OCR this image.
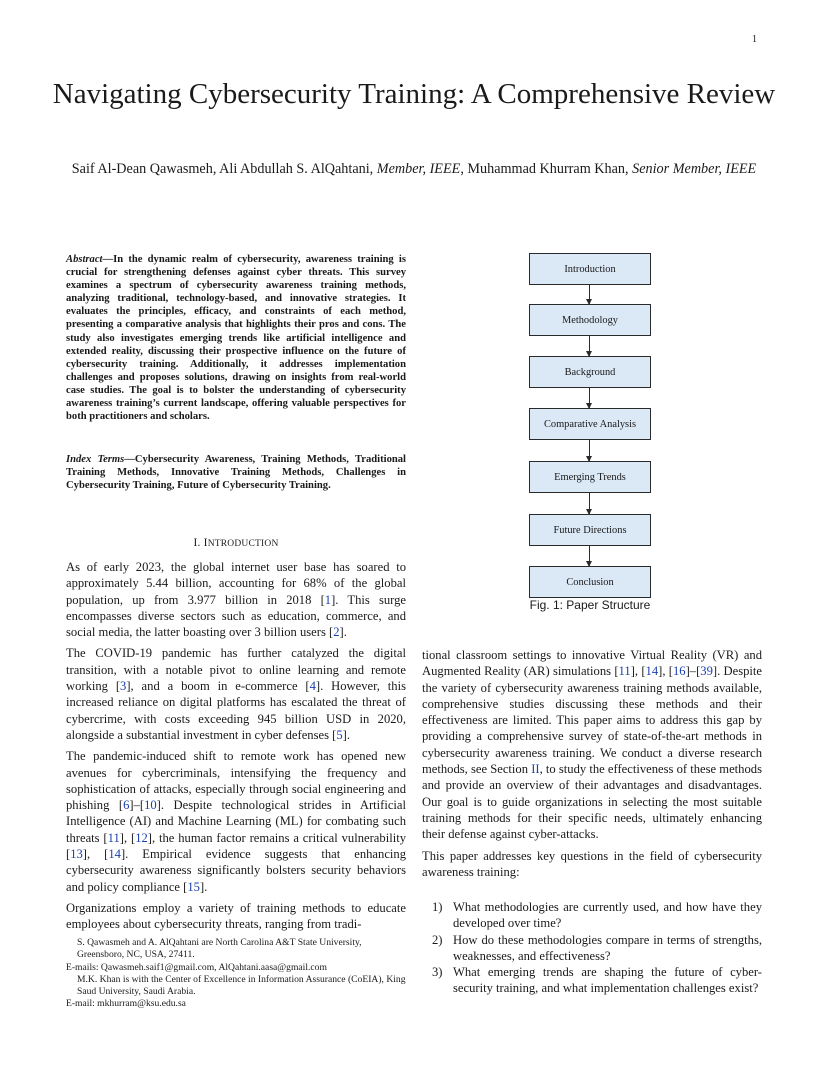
1
Navigating Cybersecurity Training: A Comprehensive Review
Saif Al-Dean Qawasmeh, Ali Abdullah S. AlQahtani, Member, IEEE, Muhammad Khurram Khan, Senior Member, IEEE
Abstract—In the dynamic realm of cybersecurity, awareness training is crucial for strengthening defenses against cyber threats. This survey examines a spectrum of cybersecurity awareness training methods, analyzing traditional, technology-based, and innovative strategies. It evaluates the principles, efficacy, and constraints of each method, presenting a comparative analysis that highlights their pros and cons. The study also investigates emerging trends like artificial intelligence and extended reality, discussing their prospective influence on the future of cybersecurity training. Additionally, it addresses implementation challenges and proposes solutions, drawing on insights from real-world case studies. The goal is to bolster the understanding of cybersecurity awareness training’s current landscape, offering valuable perspectives for both practitioners and scholars.
Index Terms—Cybersecurity Awareness, Training Methods, Traditional Training Methods, Innovative Training Methods, Challenges in Cybersecurity Training, Future of Cybersecurity Training.
I. INTRODUCTION

As of early 2023, the global internet user base has soared to approximately 5.44 billion, accounting for 68% of the global population, up from 3.977 billion in 2018 [1]. This surge encompasses diverse sectors such as education, commerce, and social media, the latter boasting over 3 billion users [2].

The COVID-19 pandemic has further catalyzed the digital transition, with a notable pivot to online learning and remote working [3], and a boom in e-commerce [4]. However, this increased reliance on digital platforms has escalated the threat of cybercrime, with costs exceeding 945 billion USD in 2020, alongside a substantial investment in cyber defenses [5].

The pandemic-induced shift to remote work has opened new avenues for cybercriminals, intensifying the frequency and sophistication of attacks, especially through social engineering and phishing [6]–[10]. Despite technological strides in Artificial Intelligence (AI) and Machine Learning (ML) for combating such threats [11], [12], the human factor remains a critical vulnerability [13], [14]. Empirical evidence suggests that enhancing cybersecurity awareness significantly bolsters security behaviors and policy compliance [15].

Organizations employ a variety of training methods to educate employees about cybersecurity threats, ranging from tradi-

Introduction
Methodology
Background
Comparative Analysis
Emerging Trends
Future Directions
Conclusion
Fig. 1: Paper Structure

tional classroom settings to innovative Virtual Reality (VR) and Augmented Reality (AR) simulations [11], [14], [16]–[39]. Despite the variety of cybersecurity awareness training methods available, comprehensive studies discussing these methods and their effectiveness are limited. This paper aims to address this gap by providing a comprehensive survey of state-of-the-art methods in cybersecurity awareness training. We conduct a diverse research methods, see Section II, to study the effectiveness of these methods and provide an overview of their advantages and disadvantages. Our goal is to guide organizations in selecting the most suitable training methods for their specific needs, ultimately enhancing their defense against cyber-attacks.

This paper addresses key questions in the field of cybersecurity awareness training:

1) What methodologies are currently used, and how have they developed over time?
2) How do these methodologies compare in terms of strengths, weaknesses, and effectiveness?
3) What emerging trends are shaping the future of cyber-security training, and what implementation challenges exist?
S. Qawasmeh and A. AlQahtani are North Carolina A&T State University, Greensboro, NC, USA, 27411.
E-mails: Qawasmeh.saif1@gmail.com, AlQahtani.aasa@gmail.com
M.K. Khan is with the Center of Excellence in Information Assurance (CoEIA), King Saud University, Saudi Arabia.
E-mail: mkhurram@ksu.edu.sa
